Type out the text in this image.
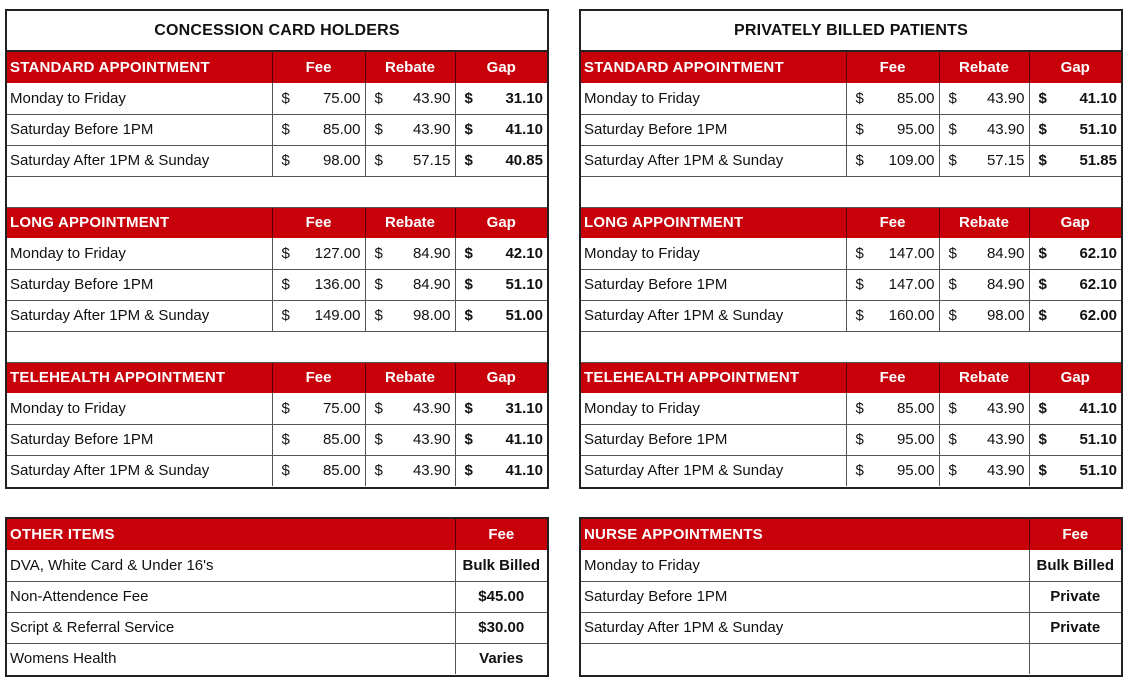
CONCESSION CARD HOLDERS
STANDARD APPOINTMENT	Fee	Rebate	Gap
Monday to Friday	$ 75.00	$ 43.90	$ 31.10

Saturday Before 1PM	$ 85.00	$ 43.90	$ 41.10

Saturday After 1PM & Sunday	$ 98.00	$ 57.15	$ 40.85

LONG APPOINTMENT	Fee	Rebate	Gap
Monday to Friday	$ 127.00	$ 84.90	$ 42.10

Saturday Before 1PM	$ 136.00	$ 84.90	$ 51.10

Saturday After 1PM & Sunday	$ 149.00	$ 98.00	$ 51.00

TELEHEALTH APPOINTMENT	Fee	Rebate	Gap
Monday to Friday	$ 75.00	$ 43.90	$ 31.10

Saturday Before 1PM	$ 85.00	$ 43.90	$ 41.10

Saturday After 1PM & Sunday	$ 85.00	$ 43.90	$ 41.10
PRIVATELY BILLED PATIENTS
STANDARD APPOINTMENT	Fee	Rebate	Gap
Monday to Friday	$ 85.00	$ 43.90	$ 41.10

Saturday Before 1PM	$ 95.00	$ 43.90	$ 51.10

Saturday After 1PM & Sunday	$ 109.00	$ 57.15	$ 51.85

LONG APPOINTMENT	Fee	Rebate	Gap
Monday to Friday	$ 147.00	$ 84.90	$ 62.10

Saturday Before 1PM	$ 147.00	$ 84.90	$ 62.10

Saturday After 1PM & Sunday	$ 160.00	$ 98.00	$ 62.00

TELEHEALTH APPOINTMENT	Fee	Rebate	Gap
Monday to Friday	$ 85.00	$ 43.90	$ 41.10

Saturday Before 1PM	$ 95.00	$ 43.90	$ 51.10

Saturday After 1PM & Sunday	$ 95.00	$ 43.90	$ 51.10
OTHER ITEMS	Fee
DVA, White Card & Under 16's	Bulk Billed
Non-Attendence Fee	$45.00
Script & Referral Service	$30.00
Womens Health	Varies
NURSE APPOINTMENTS	Fee
Monday to Friday	Bulk Billed
Saturday Before 1PM	Private
Saturday After 1PM & Sunday	Private
